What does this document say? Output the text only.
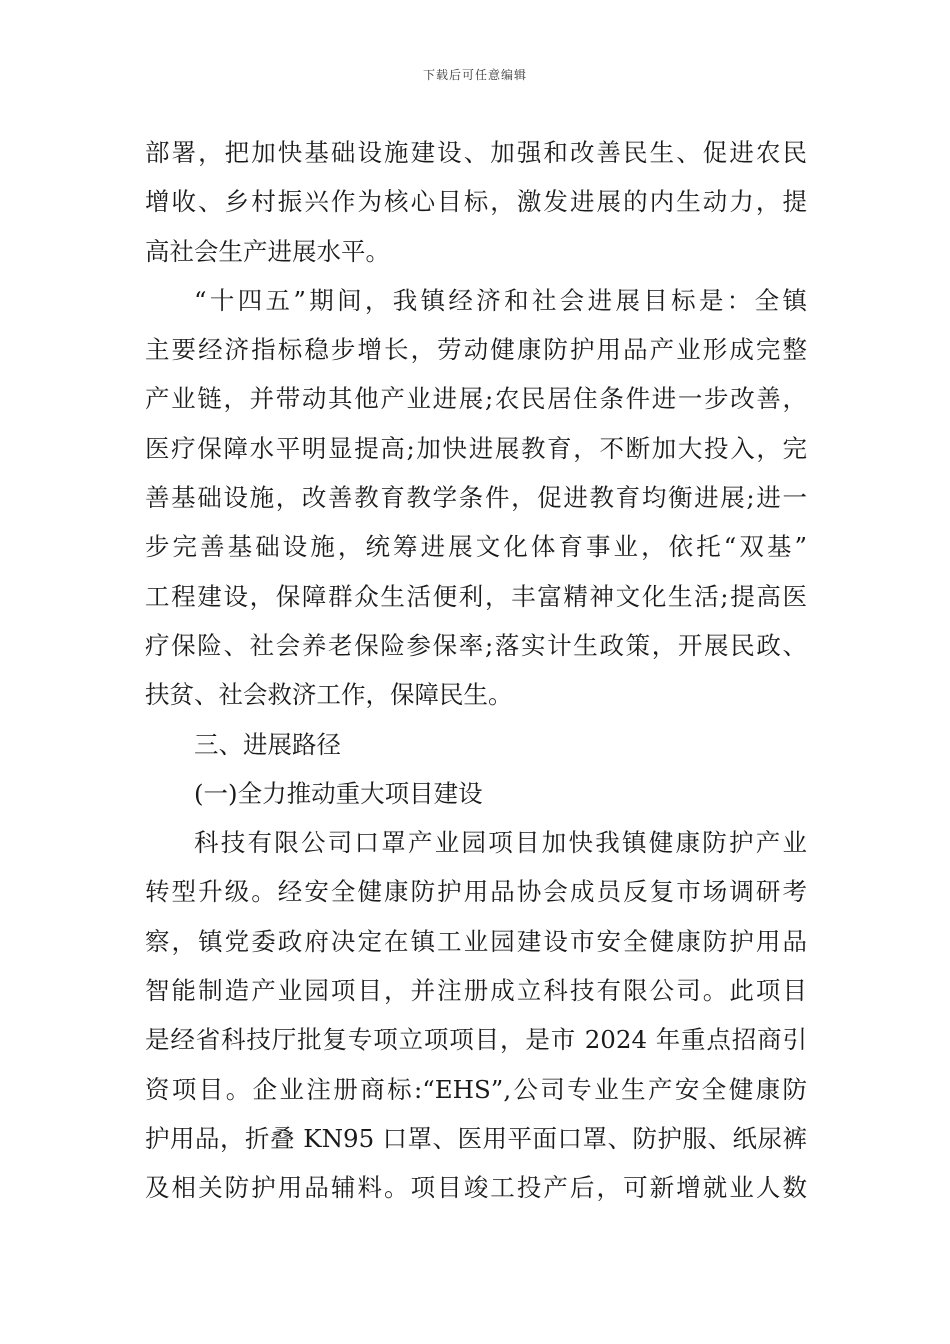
下载后可任意编辑
部署，把加快基础设施建设、加强和改善民生、促进农民
增收、乡村振兴作为核心目标，激发进展的内生动力，提
高社会生产进展水平。
“十四五”期间，我镇经济和社会进展目标是：全镇
主要经济指标稳步增长，劳动健康防护用品产业形成完整
产业链，并带动其他产业进展;农民居住条件进一步改善，
医疗保障水平明显提高;加快进展教育，不断加大投入，完
善基础设施，改善教育教学条件，促进教育均衡进展;进一
步完善基础设施，统筹进展文化体育事业，依托“双基”
工程建设，保障群众生活便利，丰富精神文化生活;提高医
疗保险、社会养老保险参保率;落实计生政策，开展民政、
扶贫、社会救济工作，保障民生。
三、进展路径
(一)全力推动重大项目建设
科技有限公司口罩产业园项目加快我镇健康防护产业
转型升级。经安全健康防护用品协会成员反复市场调研考
察，镇党委政府决定在镇工业园建设市安全健康防护用品
智能制造产业园项目，并注册成立科技有限公司。此项目
是经省科技厅批复专项立项项目，是市 2024 年重点招商引
资项目。企业注册商标:“EHS”,公司专业生产安全健康防
护用品，折叠 KN95 口罩、医用平面口罩、防护服、纸尿裤
及相关防护用品辅料。项目竣工投产后，可新增就业人数
